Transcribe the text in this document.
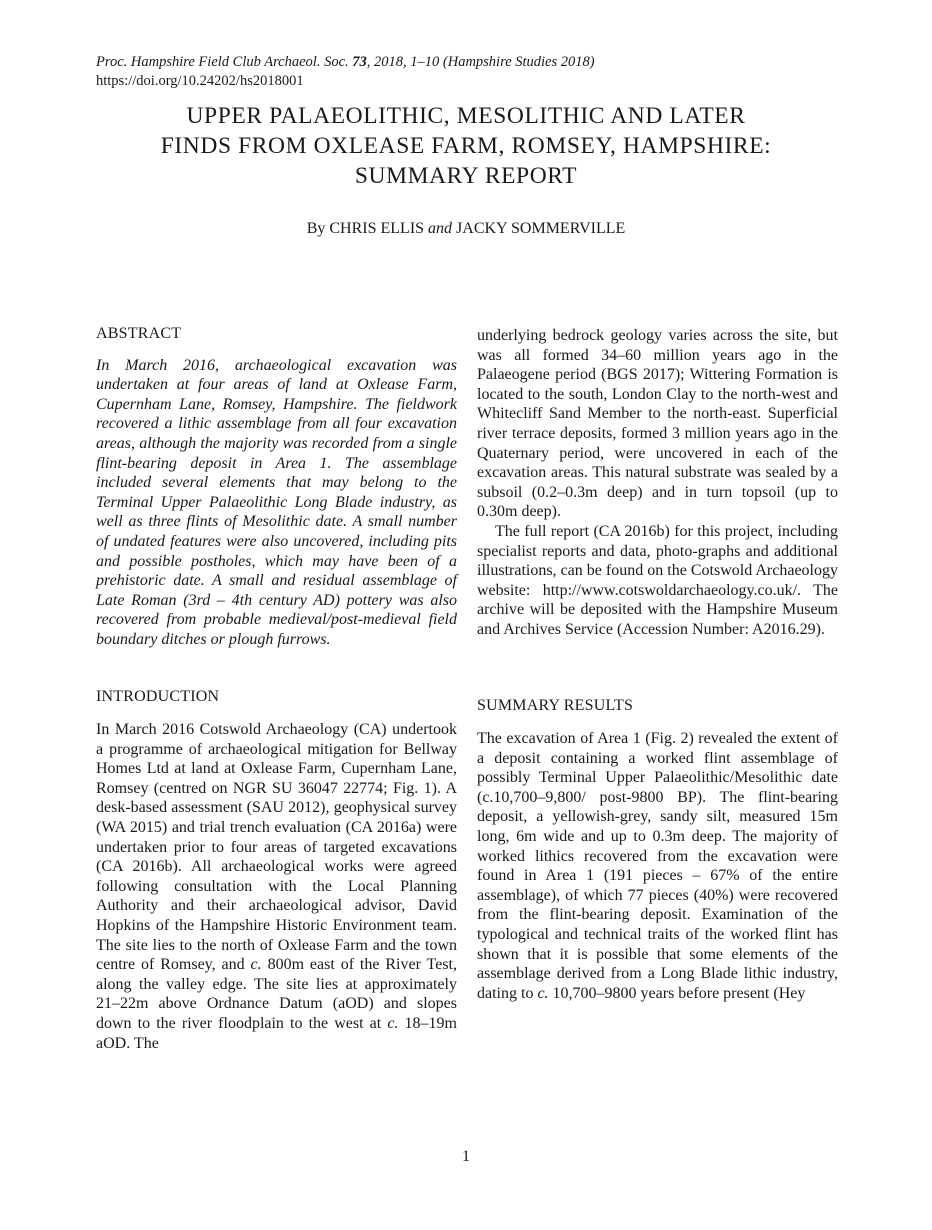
Proc. Hampshire Field Club Archaeol. Soc. 73, 2018, 1–10 (Hampshire Studies 2018)
https://doi.org/10.24202/hs2018001
UPPER PALAEOLITHIC, MESOLITHIC AND LATER
FINDS FROM OXLEASE FARM, ROMSEY, HAMPSHIRE:
SUMMARY REPORT
By CHRIS ELLIS and JACKY SOMMERVILLE
ABSTRACT

In March 2016, archaeological excavation was undertaken at four areas of land at Oxlease Farm, Cupernham Lane, Romsey, Hampshire. The fieldwork recovered a lithic assemblage from all four excavation areas, although the majority was recorded from a single flint-bearing deposit in Area 1. The assemblage included several elements that may belong to the Terminal Upper Palaeolithic Long Blade industry, as well as three flints of Mesolithic date. A small number of undated features were also uncovered, including pits and possible postholes, which may have been of a prehistoric date. A small and residual assemblage of Late Roman (3rd – 4th century AD) pottery was also recovered from probable medieval/post-medieval field boundary ditches or plough furrows.

INTRODUCTION

In March 2016 Cotswold Archaeology (CA) undertook a programme of archaeological mitigation for Bellway Homes Ltd at land at Oxlease Farm, Cupernham Lane, Romsey (centred on NGR SU 36047 22774; Fig. 1). A desk-based assessment (SAU 2012), geophysical survey (WA 2015) and trial trench evaluation (CA 2016a) were undertaken prior to four areas of targeted excavations (CA 2016b). All archaeological works were agreed following consultation with the Local Planning Authority and their archaeological advisor, David Hopkins of the Hampshire Historic Environment team. The site lies to the north of Oxlease Farm and the town centre of Romsey, and c. 800m east of the River Test, along the valley edge. The site lies at approximately 21–22m above Ordnance Datum (aOD) and slopes down to the river floodplain to the west at c. 18–19m aOD. The

underlying bedrock geology varies across the site, but was all formed 34–60 million years ago in the Palaeogene period (BGS 2017); Wittering Formation is located to the south, London Clay to the north-west and Whitecliff Sand Member to the north-east. Superficial river terrace deposits, formed 3 million years ago in the Quaternary period, were uncovered in each of the excavation areas. This natural substrate was sealed by a subsoil (0.2–0.3m deep) and in turn topsoil (up to 0.30m deep).

The full report (CA 2016b) for this project, including specialist reports and data, photo-graphs and additional illustrations, can be found on the Cotswold Archaeology website: http://www.cotswoldarchaeology.co.uk/. The archive will be deposited with the Hampshire Museum and Archives Service (Accession Number: A2016.29).

SUMMARY RESULTS

The excavation of Area 1 (Fig. 2) revealed the extent of a deposit containing a worked flint assemblage of possibly Terminal Upper Palaeolithic/Mesolithic date (c.10,700–9,800/ post-9800 BP). The flint-bearing deposit, a yellowish-grey, sandy silt, measured 15m long, 6m wide and up to 0.3m deep. The majority of worked lithics recovered from the excavation were found in Area 1 (191 pieces – 67% of the entire assemblage), of which 77 pieces (40%) were recovered from the flint-bearing deposit. Examination of the typological and technical traits of the worked flint has shown that it is possible that some elements of the assemblage derived from a Long Blade lithic industry, dating to c. 10,700–9800 years before present (Hey

1
